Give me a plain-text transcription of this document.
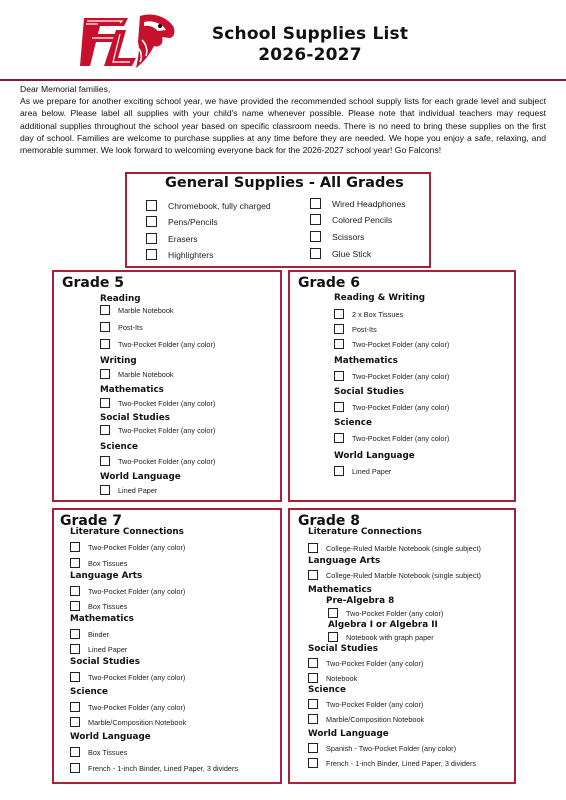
School Supplies List
2026-2027
Dear Memorial families,
As we prepare for another exciting school year, we have provided the recommended school supply lists for each grade level and subject area below. Please label all supplies with your child's name whenever possible. Please note that individual teachers may request additional supplies throughout the school year based on specific classroom needs. There is no need to bring these supplies on the first day of school. Families are welcome to purchase supplies at any time before they are needed. We hope you enjoy a safe, relaxing, and memorable summer. We look forward to welcoming everyone back for the 2026-2027 school year! Go Falcons!
General Supplies - All Grades
Chromebook, fully charged
Pens/Pencils
Erasers
Highlighters
Wired Headphones
Colored Pencils
Scissors
Glue Stick
Grade 5
Reading
Marble Notebook
Post-Its
Two-Pocket Folder (any color)
Writing
Marble Notebook
Mathematics
Two-Pocket Folder (any color)
Social Studies
Two-Pocket Folder (any color)
Science
Two-Pocket Folder (any color)
World Language
Lined Paper
Grade 6
Reading & Writing
2 x Box Tissues
Post-Its
Two-Pocket Folder (any color)
Mathematics
Two-Pocket Folder (any color)
Social Studies
Two-Pocket Folder (any color)
Science
Two-Pocket Folder (any color)
World Language
Lined Paper
Grade 7
Literature Connections
Two-Pocket Folder (any color)
Box Tissues
Language Arts
Two-Pocket Folder (any color)
Box Tissues
Mathematics
Binder
Lined Paper
Social Studies
Two-Pocket Folder (any color)
Science
Two-Pocket Folder (any color)
Marble/Composition Notebook
World Language
Box Tissues
French - 1-inch Binder, Lined Paper, 3 dividers
Grade 8
Literature Connections
College-Ruled Marble Notebook (single subject)
Language Arts
College-Ruled Marble Notebook (single subject)
Mathematics
Pre-Algebra 8
Two-Pocket Folder (any color)
Algebra I or Algebra II
Notebook with graph paper
Social Studies
Two-Pocket Folder (any color)
Notebook
Science
Two-Pocket Folder (any color)
Marble/Composition Notebook
World Language
Spanish - Two-Pocket Folder (any color)
French - 1-inch Binder, Lined Paper, 3 dividers
